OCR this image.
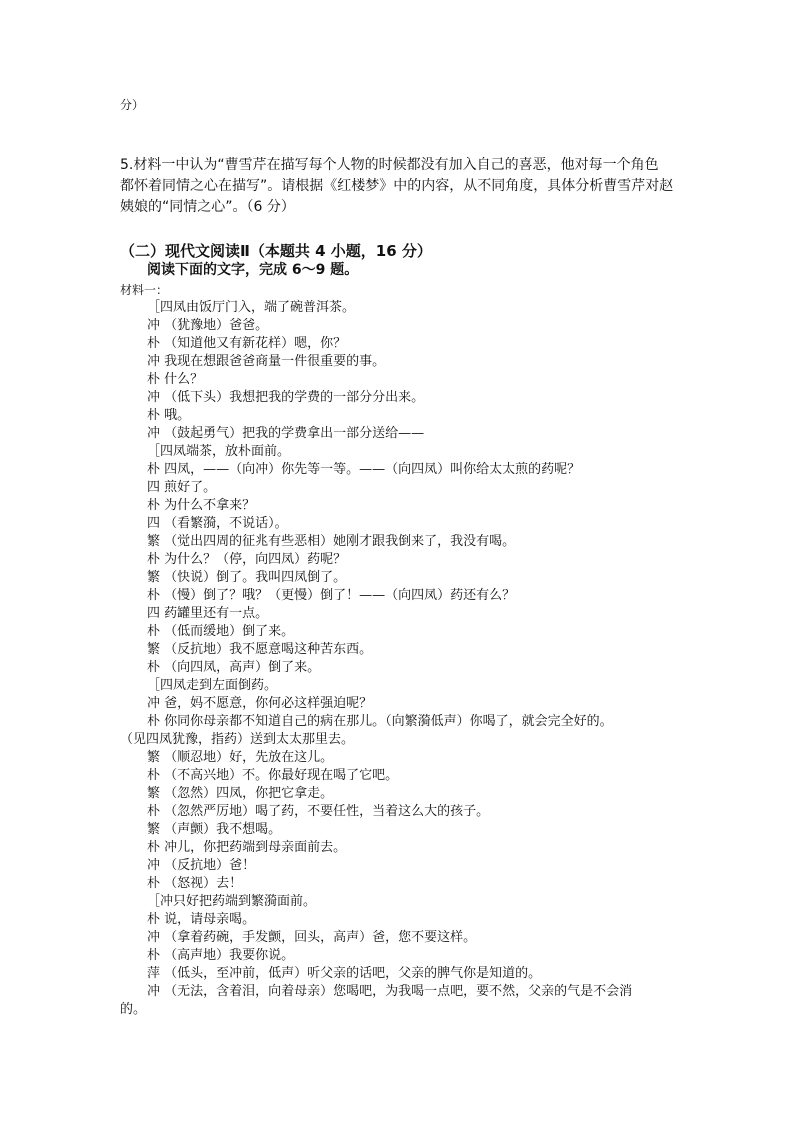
分）
5.材料一中认为“曹雪芹在描写每个人物的时候都没有加入自己的喜恶，他对每一个角色
都怀着同情之心在描写”。请根据《红楼梦》中的内容，从不同角度，具体分析曹雪芹对赵
姨娘的“同情之心”。（6 分）
（二）现代文阅读Ⅱ（本题共 4 小题，16 分）
阅读下面的文字，完成 6～9 题。
材料一：
［四凤由饭厅门入，端了碗普洱茶。
冲 （犹豫地）爸爸。
朴 （知道他又有新花样）嗯，你？
冲 我现在想跟爸爸商量一件很重要的事。
朴 什么？
冲 （低下头）我想把我的学费的一部分分出来。
朴 哦。
冲 （鼓起勇气）把我的学费拿出一部分送给——
［四凤端茶，放朴面前。
朴 四凤，——（向冲）你先等一等。——（向四凤）叫你给太太煎的药呢？
四 煎好了。
朴 为什么不拿来？
四 （看繁漪，不说话）。
繁 （觉出四周的征兆有些恶相）她刚才跟我倒来了，我没有喝。
朴 为什么？（停，向四凤）药呢？
繁 （快说）倒了。我叫四凤倒了。
朴 （慢）倒了？哦？（更慢）倒了！——（向四凤）药还有么？
四 药罐里还有一点。
朴 （低而缓地）倒了来。
繁 （反抗地）我不愿意喝这种苦东西。
朴 （向四凤，高声）倒了来。
［四凤走到左面倒药。
冲 爸，妈不愿意，你何必这样强迫呢？
朴 你同你母亲都不知道自己的病在那儿。（向繁漪低声）你喝了，就会完全好的。
（见四凤犹豫，指药）送到太太那里去。
繁 （顺忍地）好，先放在这儿。
朴 （不高兴地）不。你最好现在喝了它吧。
繁 （忽然）四凤，你把它拿走。
朴 （忽然严厉地）喝了药，不要任性，当着这么大的孩子。
繁 （声颤）我不想喝。
朴 冲儿，你把药端到母亲面前去。
冲 （反抗地）爸！
朴 （怒视）去！
［冲只好把药端到繁漪面前。
朴 说，请母亲喝。
冲 （拿着药碗，手发颤，回头，高声）爸，您不要这样。
朴 （高声地）我要你说。
萍 （低头，至冲前，低声）听父亲的话吧，父亲的脾气你是知道的。
冲 （无法，含着泪，向着母亲）您喝吧，为我喝一点吧，要不然，父亲的气是不会消
的。
